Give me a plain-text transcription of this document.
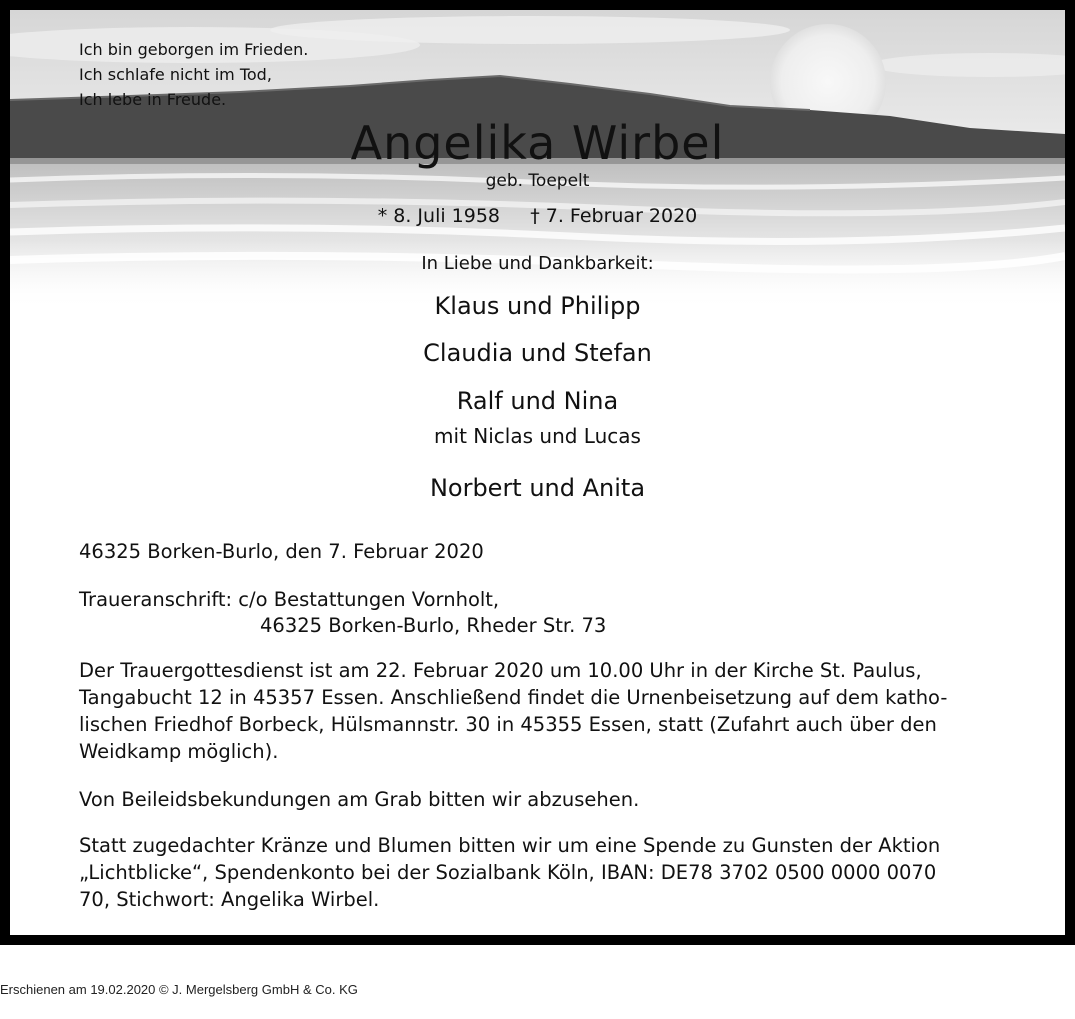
Ich bin geborgen im Frieden.
Ich schlafe nicht im Tod,
Ich lebe in Freude.
Angelika Wirbel
geb. Toepelt
* 8. Juli 1958     † 7. Februar 2020
In Liebe und Dankbarkeit:
Klaus und Philipp
Claudia und Stefan
Ralf und Nina
mit Niclas und Lucas
Norbert und Anita
46325 Borken-Burlo, den 7. Februar 2020
Traueranschrift: c/o Bestattungen Vornholt,
46325 Borken-Burlo, Rheder Str. 73
Der Trauergottesdienst ist am 22. Februar 2020 um 10.00 Uhr in der Kirche St. Paulus,
Tangabucht 12 in 45357 Essen. Anschließend findet die Urnenbeisetzung auf dem katho-
lischen Friedhof Borbeck, Hülsmannstr. 30 in 45355 Essen, statt (Zufahrt auch über den
Weidkamp möglich).
Von Beileidsbekundungen am Grab bitten wir abzusehen.
Statt zugedachter Kränze und Blumen bitten wir um eine Spende zu Gunsten der Aktion
„Lichtblicke“, Spendenkonto bei der Sozialbank Köln, IBAN: DE78 3702 0500 0000 0070
70, Stichwort: Angelika Wirbel.
Erschienen am 19.02.2020 © J. Mergelsberg GmbH & Co. KG
